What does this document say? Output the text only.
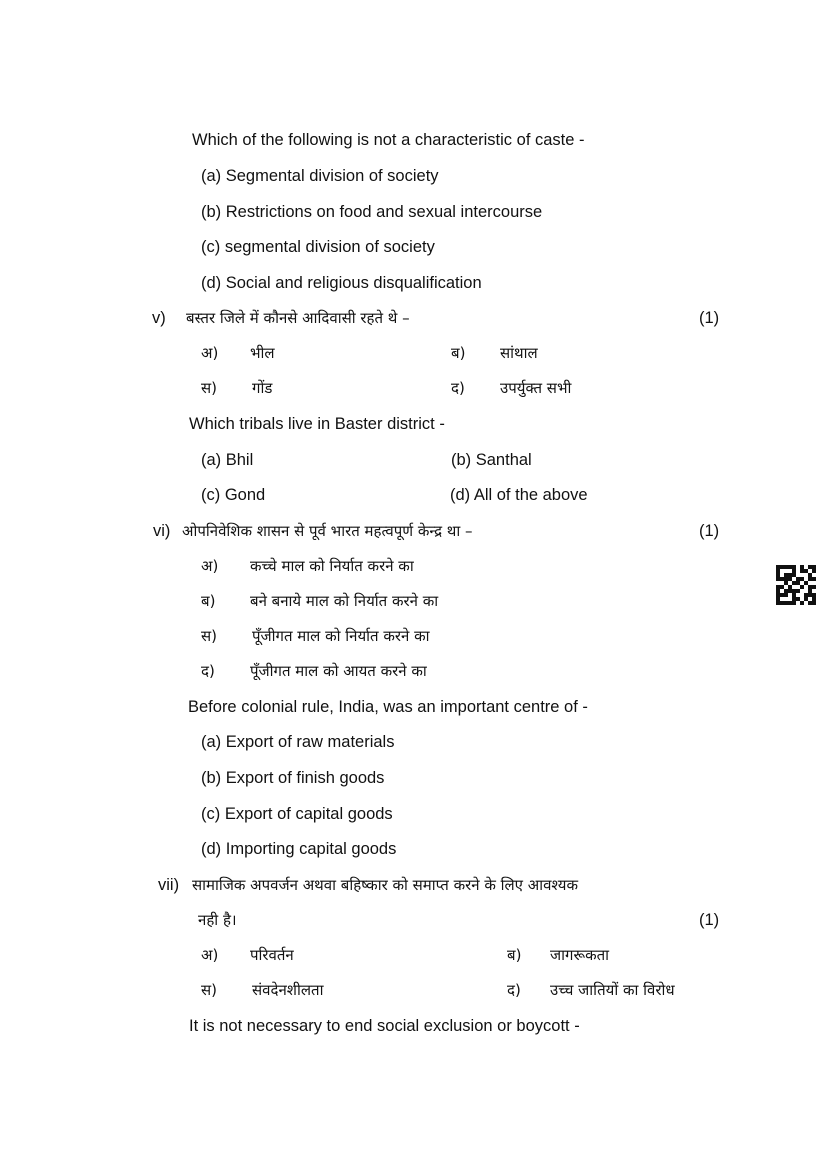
Which of the following is not a characteristic of caste -
(a) Segmental division of society
(b) Restrictions on food and sexual intercourse
(c) segmental division of society
(d) Social and religious disqualification
v) बस्तर जिले में कौनसे आदिवासी रहते थे –	(1)
अ) भील	ब) सांथाल
स) गोंड	द) उपर्युक्त सभी
Which tribals live in Baster district -
(a) Bhil	(b) Santhal
(c) Gond	(d) All of the above
vi) ओपनिवेशिक शासन से पूर्व भारत महत्वपूर्ण केन्द्र था –	(1)
अ) कच्चे माल को निर्यात करने का
ब) बने बनाये माल को निर्यात करने का
स) पूँजीगत माल को निर्यात करने का
द) पूँजीगत माल को आयत करने का
Before colonial rule, India, was an important centre of -
(a) Export of raw materials
(b) Export of finish goods
(c) Export of capital goods
(d) Importing capital goods
vii) सामाजिक अपवर्जन अथवा बहिष्कार को समाप्त करने के लिए आवश्यक
नही है।	(1)
अ) परिवर्तन	ब) जागरूकता
स) संवदेनशीलता	द) उच्च जातियों का विरोध
It is not necessary to end social exclusion or boycott -
